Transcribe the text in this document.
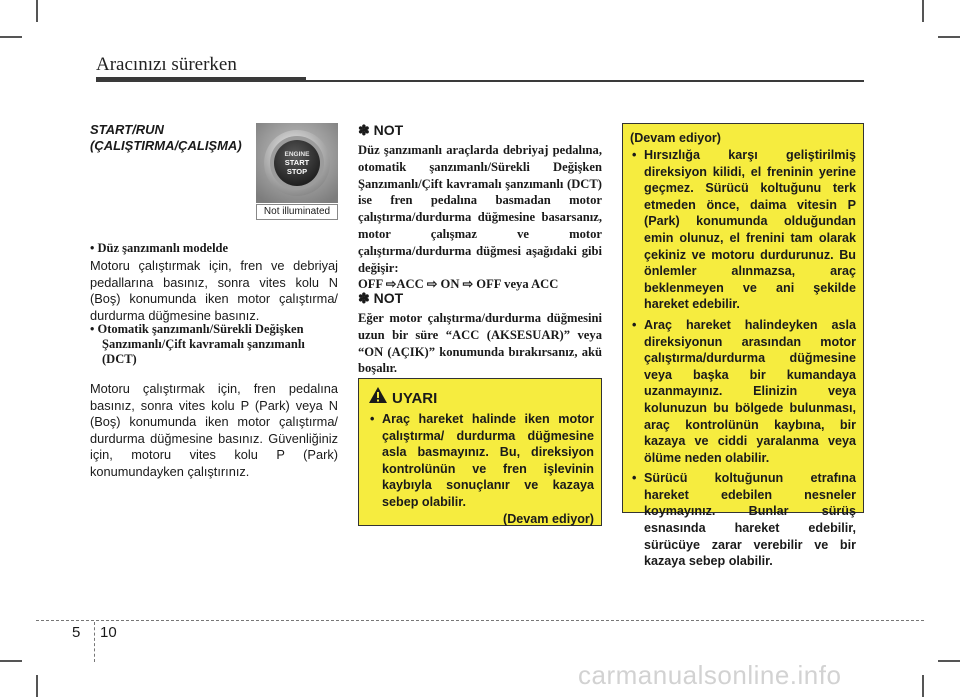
Aracınızı sürerken
START/RUN
(ÇALIŞTIRMA/ÇALIŞMA)
ENGINE
START
STOP
Not illuminated
• Düz şanzımanlı modelde
Motoru çalıştırmak için, fren ve debriyaj pedallarına basınız, sonra vites kolu N (Boş) konumunda iken motor çalıştırma/ durdurma düğmesine basınız.
• Otomatik şanzımanlı/Sürekli Değişken
Şanzımanlı/Çift kavramalı şanzımanlı
(DCT)
Motoru çalıştırmak için, fren pedalına basınız, sonra vites kolu P (Park) veya N (Boş) konumunda iken motor çalıştırma/ durdurma düğmesine basınız. Güvenliğiniz için, motoru vites kolu P (Park) konumundayken çalıştırınız.
✽ NOT
Düz şanzımanlı araçlarda debriyaj pedalına, otomatik şanzımanlı/Sürekli Değişken Şanzımanlı/Çift kavramalı şanzımanlı (DCT) ise fren pedalına basmadan motor çalıştırma/durdurma düğmesine basarsanız, motor çalışmaz ve motor çalıştırma/durdurma düğmesi aşağıdaki gibi değişir:
OFF ⇨ACC ⇨ ON ⇨ OFF veya ACC
✽ NOT
Eğer motor çalıştırma/durdurma düğmesini uzun bir süre “ACC (AKSESUAR)” veya “ON (AÇIK)” konumunda bırakırsanız, akü boşalır.
UYARI
• Araç hareket halinde iken motor çalıştırma/ durdurma düğmesine asla basmayınız. Bu, direksiyon kontrolünün ve fren işlevinin kaybıyla sonuçlanır ve kazaya sebep olabilir.
(Devam ediyor)
(Devam ediyor)
• Hırsızlığa karşı geliştirilmiş direksiyon kilidi, el freninin yerine geçmez. Sürücü koltuğunu terk etmeden önce, daima vitesin P (Park) konumunda olduğundan emin olunuz, el frenini tam olarak çekiniz ve motoru durdurunuz. Bu önlemler alınmazsa, araç beklenmeyen ve ani şekilde hareket edebilir.
• Araç hareket halindeyken asla direksiyonun arasından motor çalıştırma/durdurma düğmesine veya başka bir kumandaya uzanmayınız. Elinizin veya kolunuzun bu bölgede bulunması, araç kontrolünün kaybına, bir kazaya ve ciddi yaralanma veya ölüme neden olabilir.
• Sürücü koltuğunun etrafına hareket edebilen nesneler koymayınız. Bunlar sürüş esnasında hareket edebilir, sürücüye zarar verebilir ve bir kazaya sebep olabilir.
5 10
carmanualsonline.info
